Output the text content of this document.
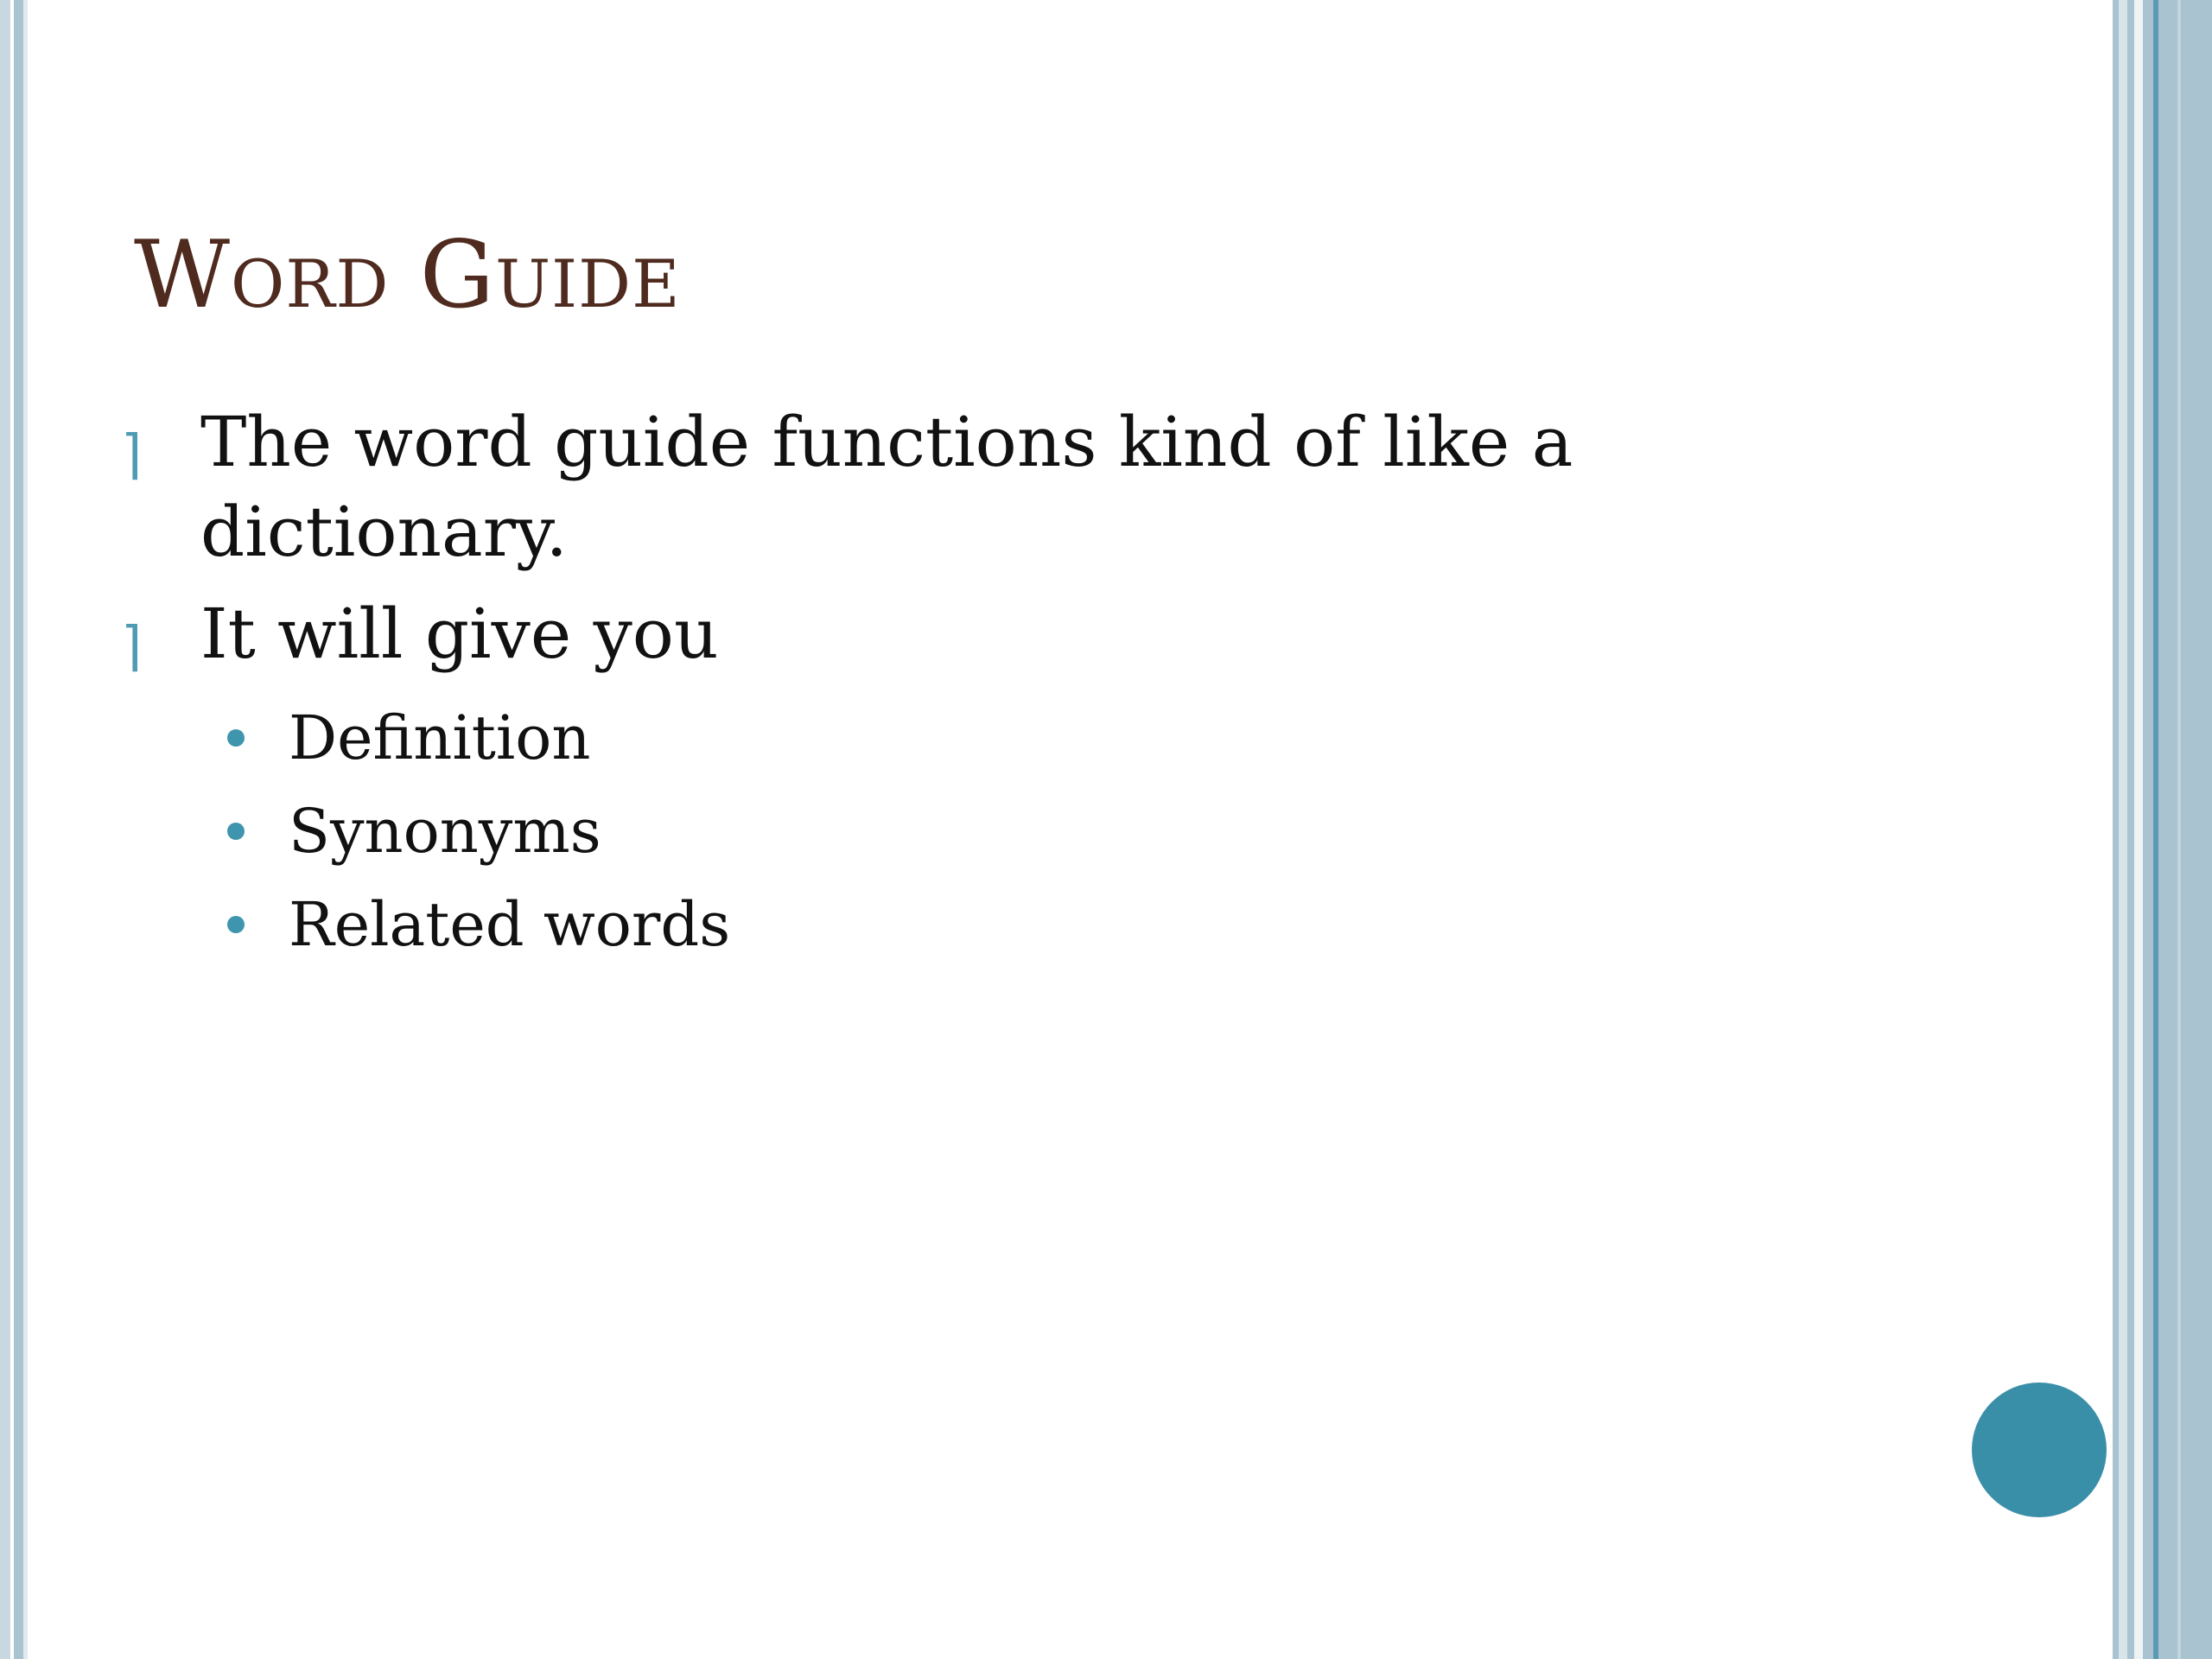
Word Guide
⌉ The word guide functions kind of like a dictionary.
⌉ It will give you
Definition
Synonyms
Related words
